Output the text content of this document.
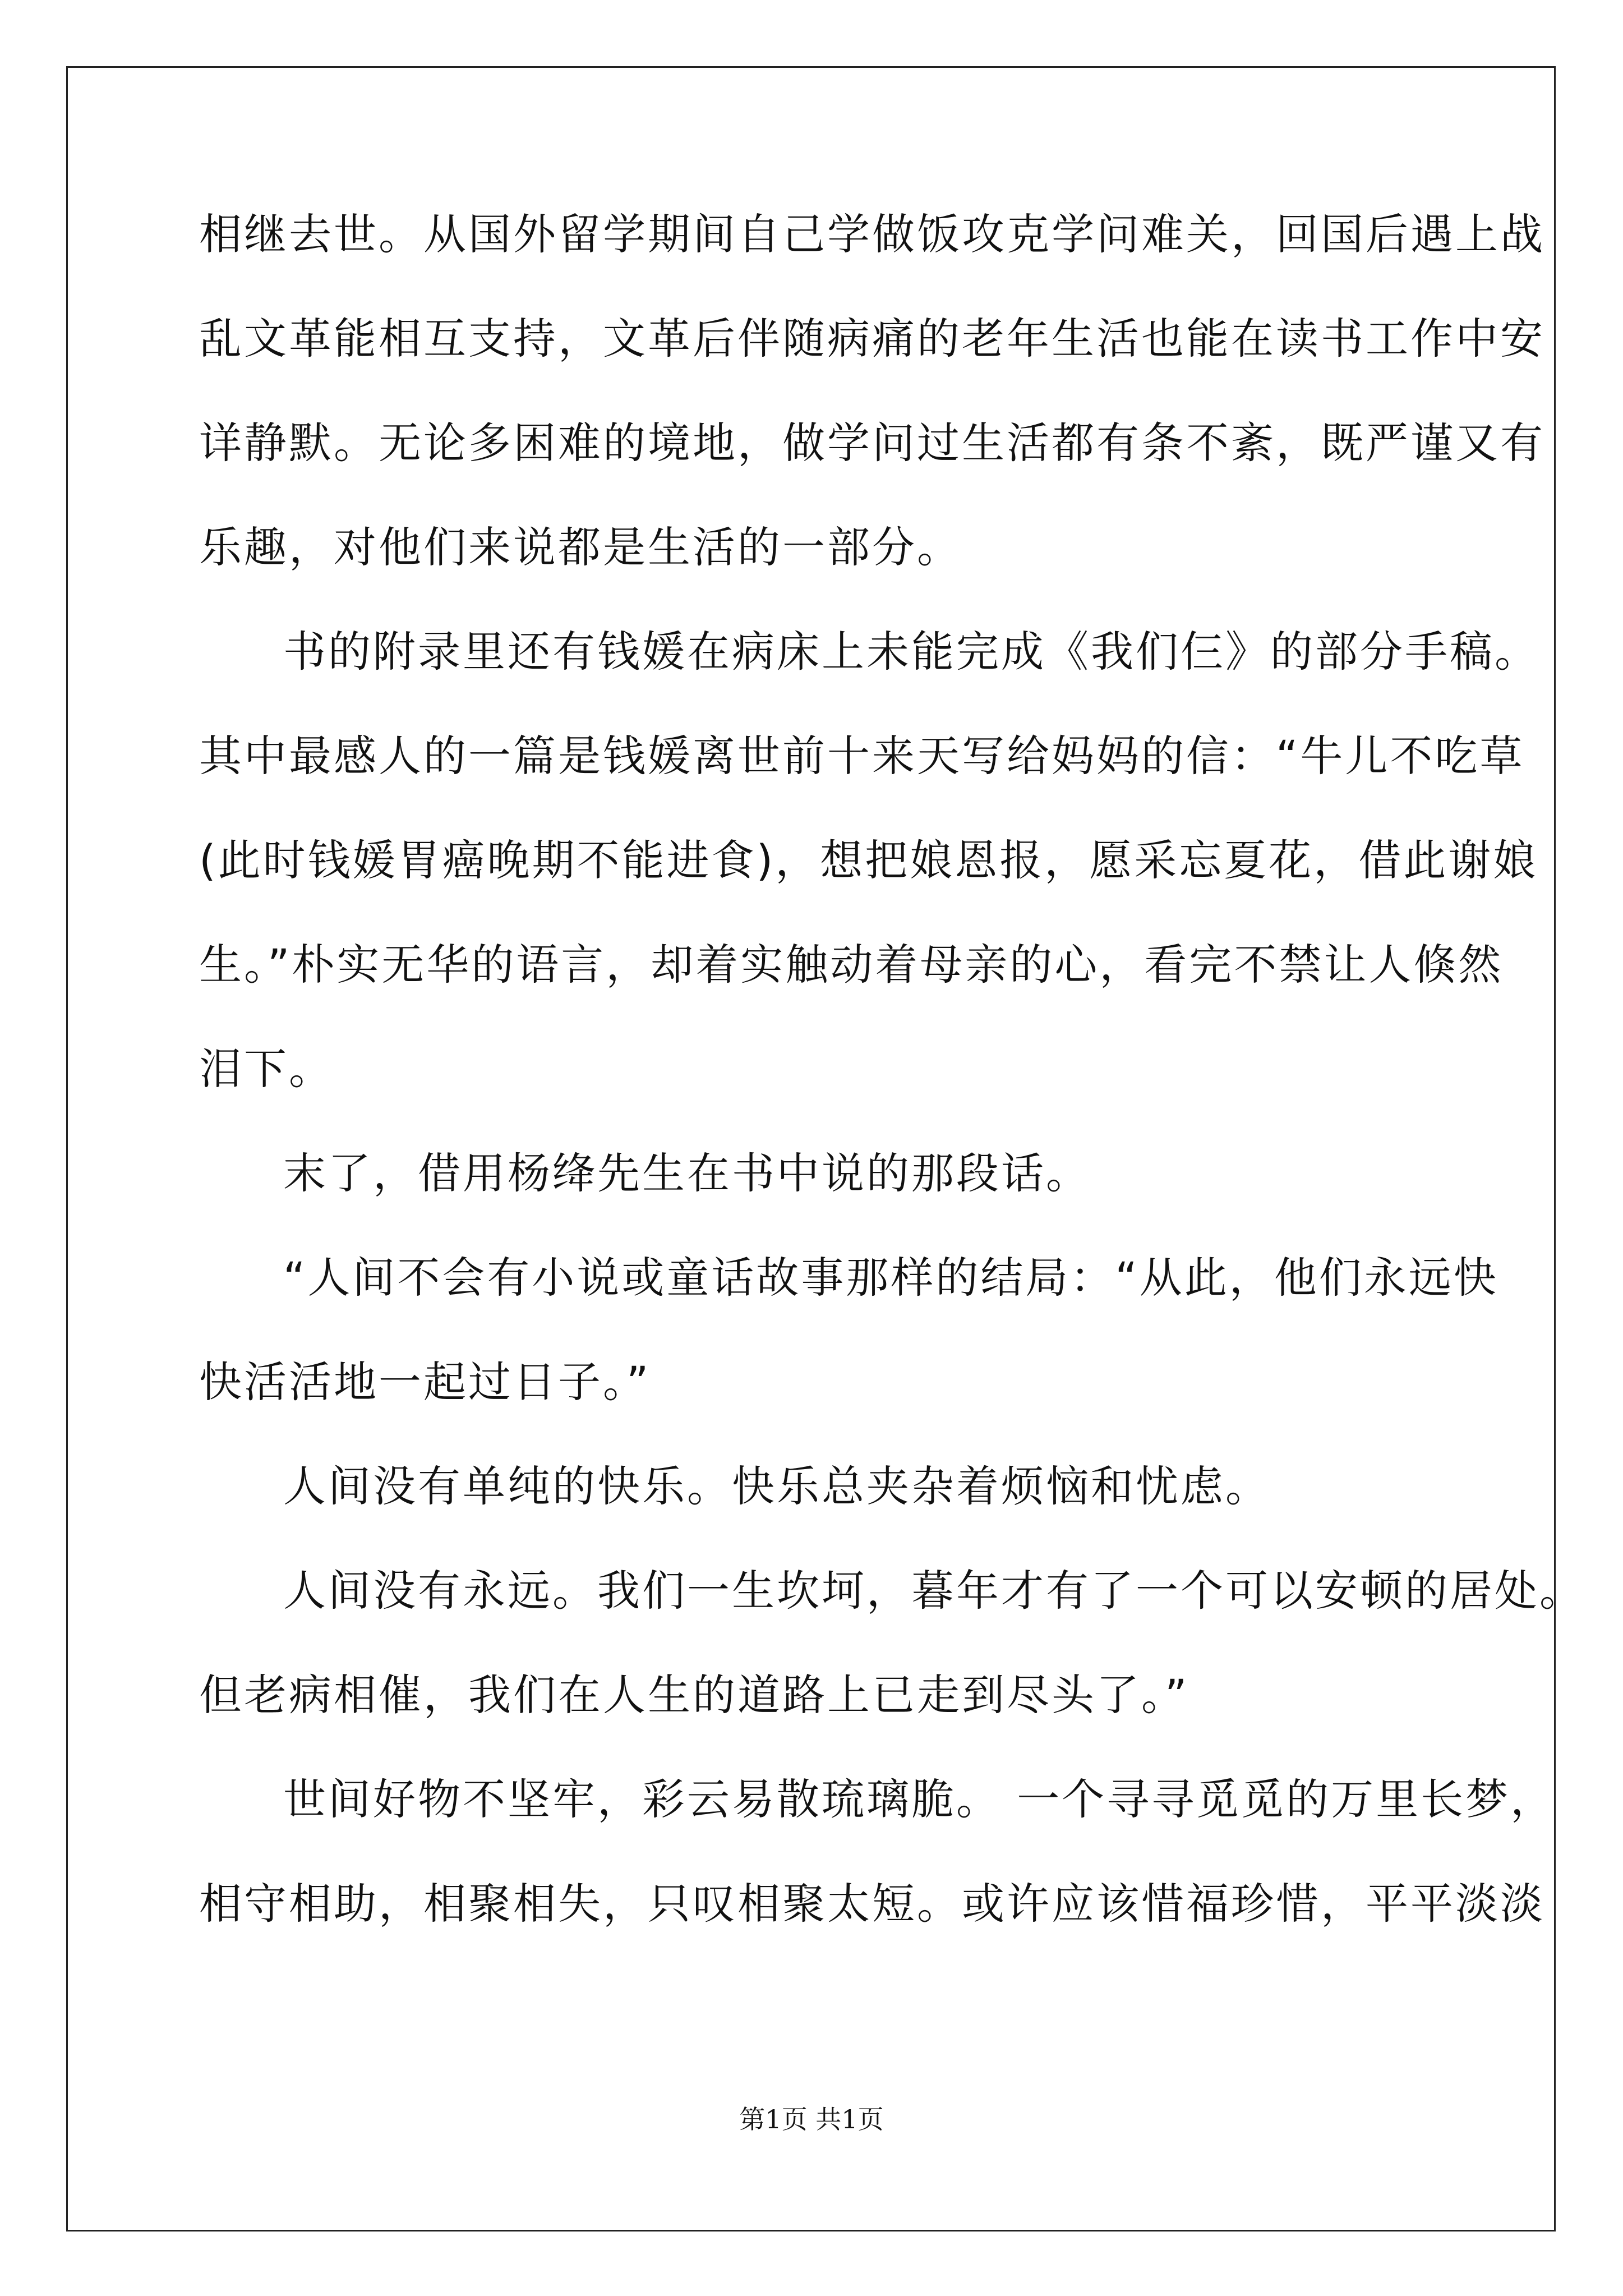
相继去世。从国外留学期间自己学做饭攻克学问难关，回国后遇上战
乱文革能相互支持，文革后伴随病痛的老年生活也能在读书工作中安
详静默。无论多困难的境地，做学问过生活都有条不紊，既严谨又有
乐趣，对他们来说都是生活的一部分。
书的附录里还有钱媛在病床上未能完成《我们仨》的部分手稿。
其中最感人的一篇是钱媛离世前十来天写给妈妈的信：“牛儿不吃草
(此时钱媛胃癌晚期不能进食)，想把娘恩报，愿采忘夏花，借此谢娘
生。”朴实无华的语言，却着实触动着母亲的心，看完不禁让人倏然
泪下。
末了，借用杨绛先生在书中说的那段话。
“人间不会有小说或童话故事那样的结局：“从此，他们永远快
快活活地一起过日子。”
人间没有单纯的快乐。快乐总夹杂着烦恼和忧虑。
人间没有永远。我们一生坎坷，暮年才有了一个可以安顿的居处。
但老病相催，我们在人生的道路上已走到尽头了。”
世间好物不坚牢，彩云易散琉璃脆。 一个寻寻觅觅的万里长梦，
相守相助，相聚相失，只叹相聚太短。或许应该惜福珍惜，平平淡淡
第1页 共1页
